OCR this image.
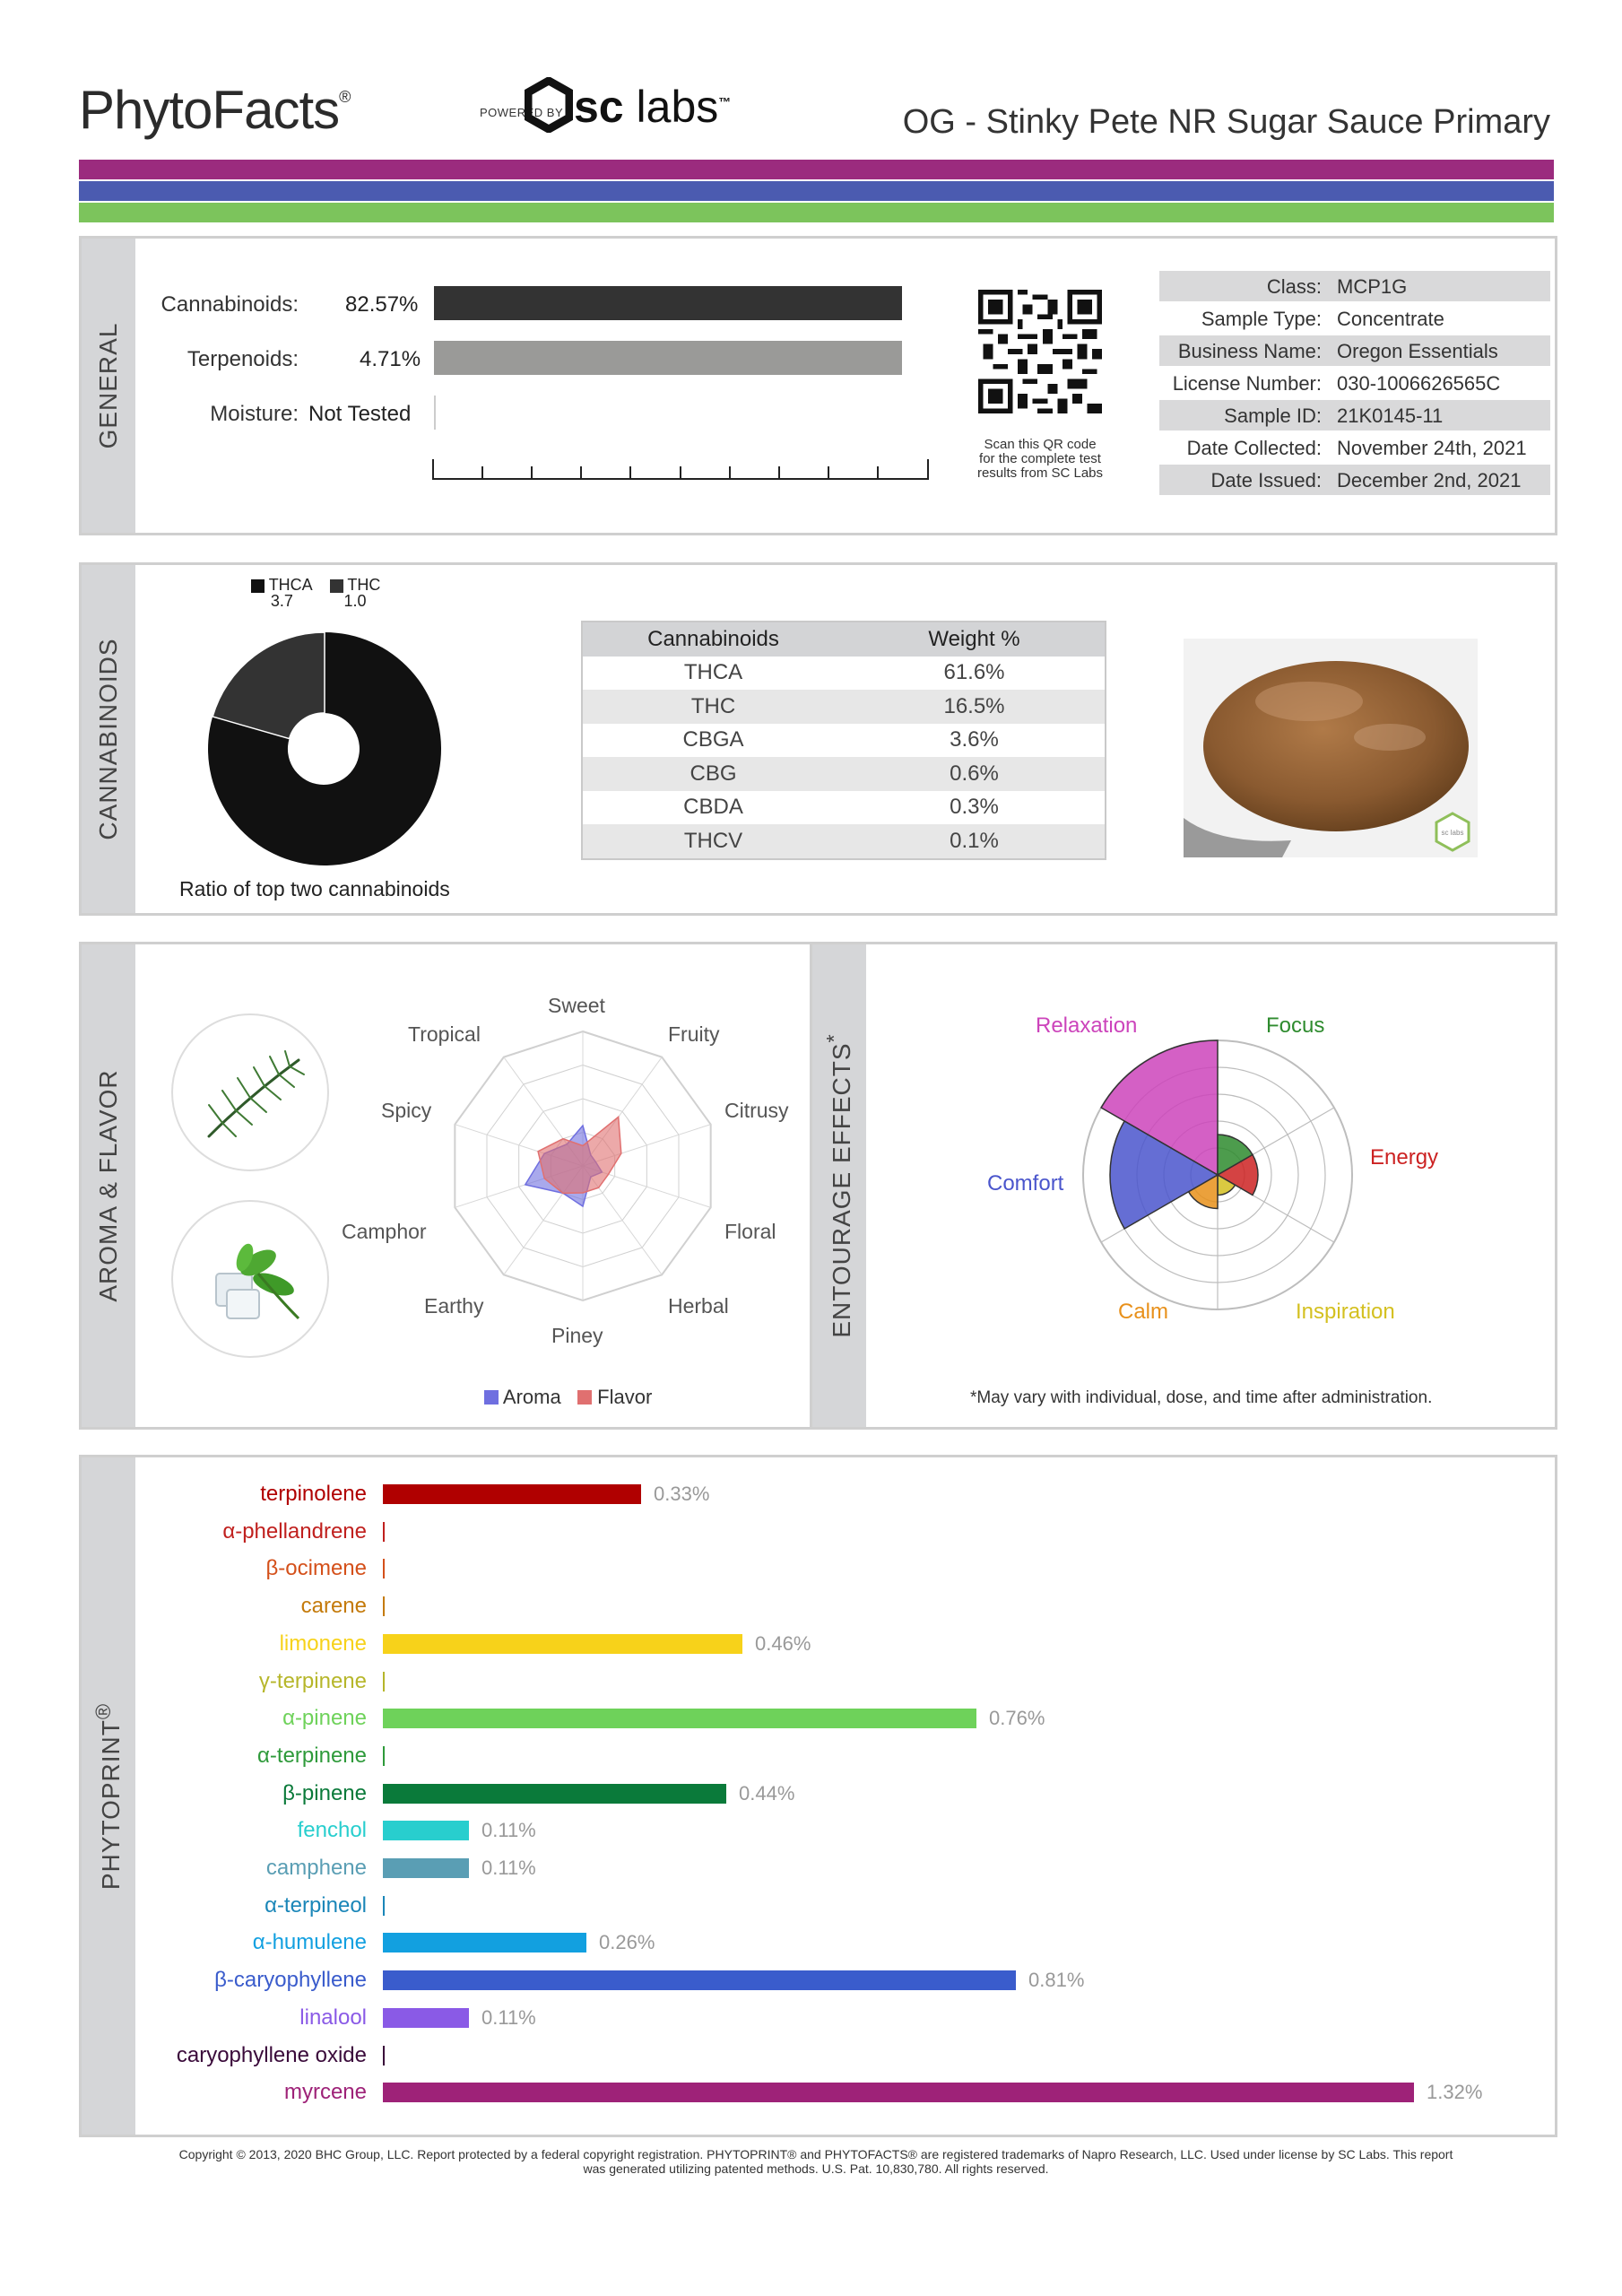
PhytoFacts®
POWERED BY sc labs™
OG - Stinky Pete NR Sugar Sauce Primary
GENERAL
Cannabinoids: 82.57%
Terpenoids:	4.71%
Moisture: Not Tested
Scan this QR code
for the complete test
results from SC Labs
Class: MCP1G
Sample Type: Concentrate
Business Name: Oregon Essentials
License Number: 030-1006626565C
Sample ID: 21K0145-11
Date Collected: November 24th, 2021
Date Issued: December 2nd, 2021
CANNABINOIDS
THCA
3.7  THC
1.0
Ratio of top two cannabinoids
Cannabinoids	Weight %
THCA	61.6%
THC	16.5%
CBGA	3.6%
CBG	0.6%
CBDA	0.3%
THCV	0.1%	sc labs
AROMA & FLAVOR
Sweet
Fruity
Citrusy
Floral
Herbal
Piney
Earthy
Camphor
Spicy
Tropical
Aroma Flavor
ENTOURAGE EFFECTS*
Relaxation	Focus
Energy
Inspiration
Calm
Comfort
*May vary with individual, dose, and time after administration.
PHYTOPRINT®
terpinolene	0.33%
α-phellandrene
β-ocimene
carene
limonene	0.46%
γ-terpinene
α-pinene	0.76%
α-terpinene
β-pinene	0.44%
fenchol	0.11%
camphene	0.11%
α-terpineol
α-humulene	0.26%
β-caryophyllene	0.81%
linalool	0.11%
caryophyllene oxide
myrcene	1.32%
Copyright © 2013, 2020 BHC Group, LLC. Report protected by a federal copyright registration. PHYTOPRINT® and PHYTOFACTS® are registered trademarks of Napro Research, LLC. Used under license by SC Labs. This report
was generated utilizing patented methods. U.S. Pat. 10,830,780. All rights reserved.
